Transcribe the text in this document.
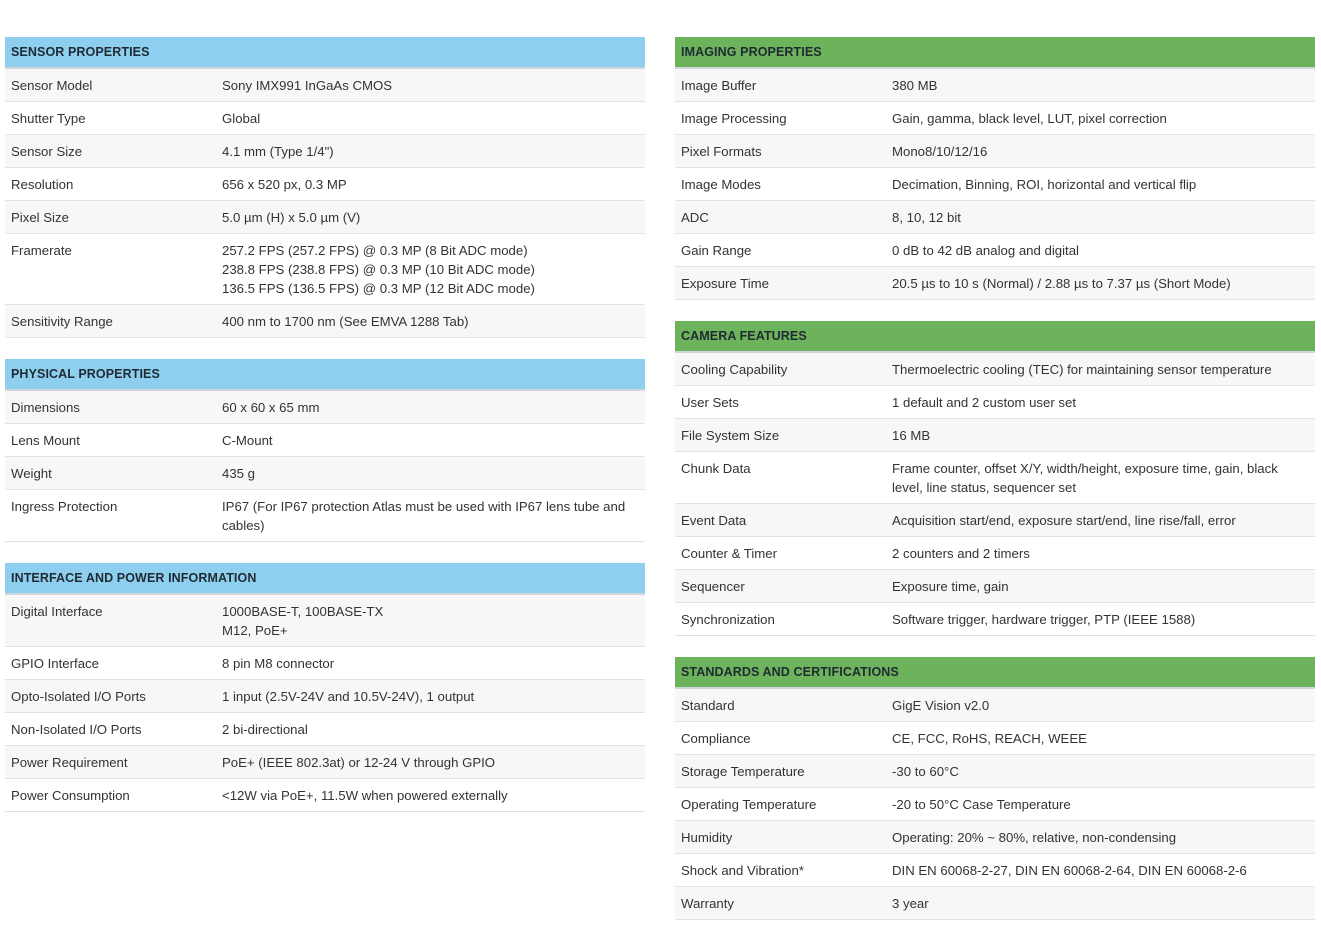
SENSOR PROPERTIES
Sensor Model	Sony IMX991 InGaAs CMOS
Shutter Type	Global
Sensor Size	4.1 mm (Type 1/4")
Resolution	656 x 520 px, 0.3 MP
Pixel Size	5.0 µm (H) x 5.0 µm (V)
Framerate	257.2 FPS (257.2 FPS) @ 0.3 MP (8 Bit ADC mode)
238.8 FPS (238.8 FPS) @ 0.3 MP (10 Bit ADC mode)
136.5 FPS (136.5 FPS) @ 0.3 MP (12 Bit ADC mode)
Sensitivity Range	400 nm to 1700 nm (See EMVA 1288 Tab)
PHYSICAL PROPERTIES
Dimensions	60 x 60 x 65 mm
Lens Mount	C-Mount
Weight	435 g
Ingress Protection	IP67 (For IP67 protection Atlas must be used with IP67 lens tube and cables)
INTERFACE AND POWER INFORMATION
Digital Interface	1000BASE-T, 100BASE-TX
M12, PoE+
GPIO Interface	8 pin M8 connector
Opto-Isolated I/O Ports	1 input (2.5V-24V and 10.5V-24V), 1 output
Non-Isolated I/O Ports	2 bi-directional
Power Requirement	PoE+ (IEEE 802.3at) or 12-24 V through GPIO
Power Consumption	<12W via PoE+, 11.5W when powered externally
IMAGING PROPERTIES
Image Buffer	380 MB
Image Processing	Gain, gamma, black level, LUT, pixel correction
Pixel Formats	Mono8/10/12/16
Image Modes	Decimation, Binning, ROI, horizontal and vertical flip
ADC	8, 10, 12 bit
Gain Range	0 dB to 42 dB analog and digital
Exposure Time	20.5 µs to 10 s (Normal) / 2.88 µs to 7.37 µs (Short Mode)
CAMERA FEATURES
Cooling Capability	Thermoelectric cooling (TEC) for maintaining sensor temperature
User Sets	1 default and 2 custom user set
File System Size	16 MB
Chunk Data	Frame counter, offset X/Y, width/height, exposure time, gain, black level, line status, sequencer set
Event Data	Acquisition start/end, exposure start/end, line rise/fall, error
Counter & Timer	2 counters and 2 timers
Sequencer	Exposure time, gain
Synchronization	Software trigger, hardware trigger, PTP (IEEE 1588)
STANDARDS AND CERTIFICATIONS
Standard	GigE Vision v2.0
Compliance	CE, FCC, RoHS, REACH, WEEE
Storage Temperature	-30 to 60°C
Operating Temperature	-20 to 50°C Case Temperature
Humidity	Operating: 20% ~ 80%, relative, non-condensing
Shock and Vibration*	DIN EN 60068-2-27, DIN EN 60068-2-64, DIN EN 60068-2-6
Warranty	3 year
